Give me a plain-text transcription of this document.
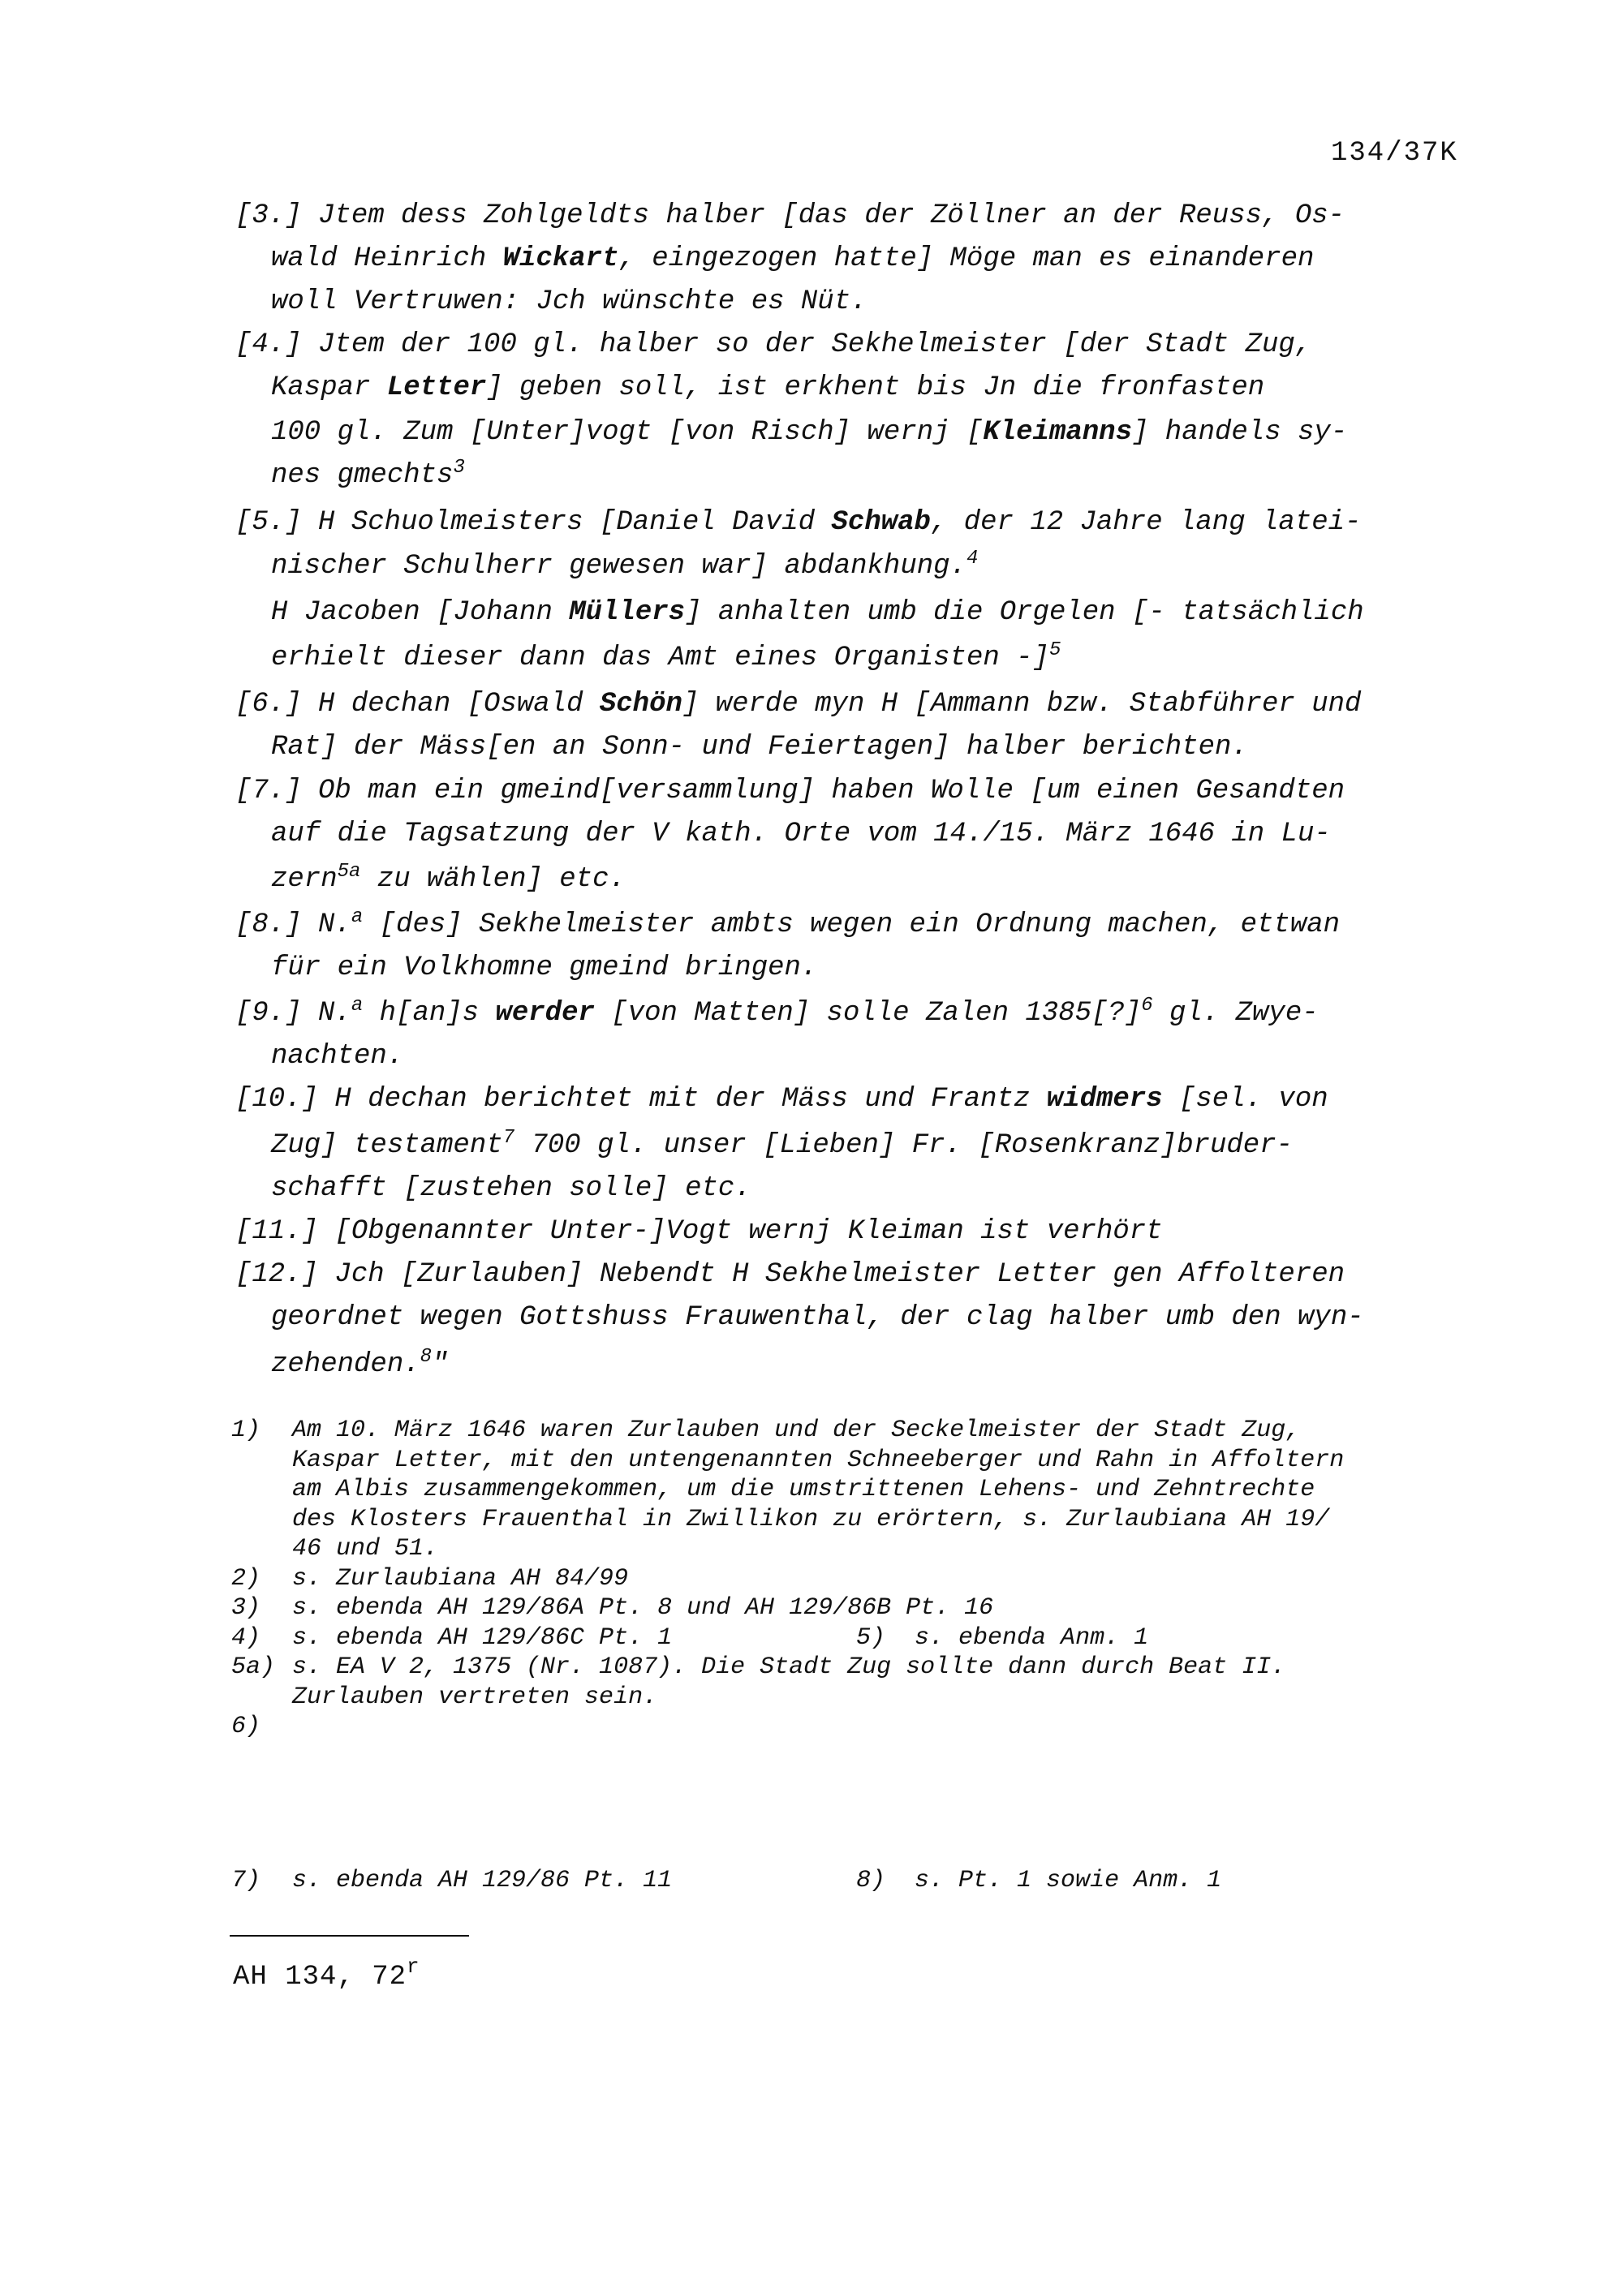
134/37K
[3.] Jtem dess Zohlgeldts halber [das der Zöllner an der Reuss, Os-
wald Heinrich Wickart, eingezogen hatte] Möge man es einanderen
woll Vertruwen: Jch wünschte es Nüt.
[4.] Jtem der 100 gl. halber so der Sekhelmeister [der Stadt Zug,
Kaspar Letter] geben soll, ist erkhent bis Jn die fronfasten
100 gl. Zum [Unter]vogt [von Risch] wernj [Kleimanns] handels sy-
nes gmechts$^3$
[5.] H Schuolmeisters [Daniel David Schwab, der 12 Jahre lang latei-
nischer Schulherr gewesen war] abdankhung.$^4$
H Jacoben [Johann Müllers] anhalten umb die Orgelen [- tatsächlich
erhielt dieser dann das Amt eines Organisten -]$^5$
[6.] H dechan [Oswald Schön] werde myn H [Ammann bzw. Stabführer und
Rat] der Mäss[en an Sonn- und Feiertagen] halber berichten.
[7.] Ob man ein gmeind[versammlung] haben Wolle [um einen Gesandten
auf die Tagsatzung der V kath. Orte vom 14./15. März 1646 in Lu-
zern$^{5a}$ zu wählen] etc.
[8.] N.$^a$ [des] Sekhelmeister ambts wegen ein Ordnung machen, ettwan
für ein Volkhomne gmeind bringen.
[9.] N.$^a$ h[an]s werder [von Matten] solle Zalen 1385[?]$^6$ gl. Zwye-
nachten.
[10.] H dechan berichtet mit der Mäss und Frantz widmers [sel. von
Zug] testament$^7$ 700 gl. unser [Lieben] Fr. [Rosenkranz]bruder-
schafft [zustehen solle] etc.
[11.] [Obgenannter Unter-]Vogt wernj Kleiman ist verhört
[12.] Jch [Zurlauben] Nebendt H Sekhelmeister Letter gen Affolteren
geordnet wegen Gottshuss Frauwenthal, der clag halber umb den wyn-
zehenden.$^8$"
1)	Am 10. März 1646 waren Zurlauben und der Seckelmeister der Stadt Zug,
Kaspar Letter, mit den untengenannten Schneeberger und Rahn in Affoltern
am Albis zusammengekommen, um die umstrittenen Lehens- und Zehntrechte
des Klosters Frauenthal in Zwillikon zu erörtern, s. Zurlaubiana AH 19/
46 und 51.
2)	s. Zurlaubiana AH 84/99
3)	s. ebenda AH 129/86A Pt. 8 und AH 129/86B Pt. 16
4)	s. ebenda AH 129/86C Pt. 1	5) s. ebenda Anm. 1
5a) s. EA V 2, 1375 (Nr. 1087). Die Stadt Zug sollte dann durch Beat II.
Zurlauben vertreten sein.
6)
7)	s. ebenda AH 129/86 Pt. 11	8) s. Pt. 1 sowie Anm. 1
AH 134, 72$^r$
